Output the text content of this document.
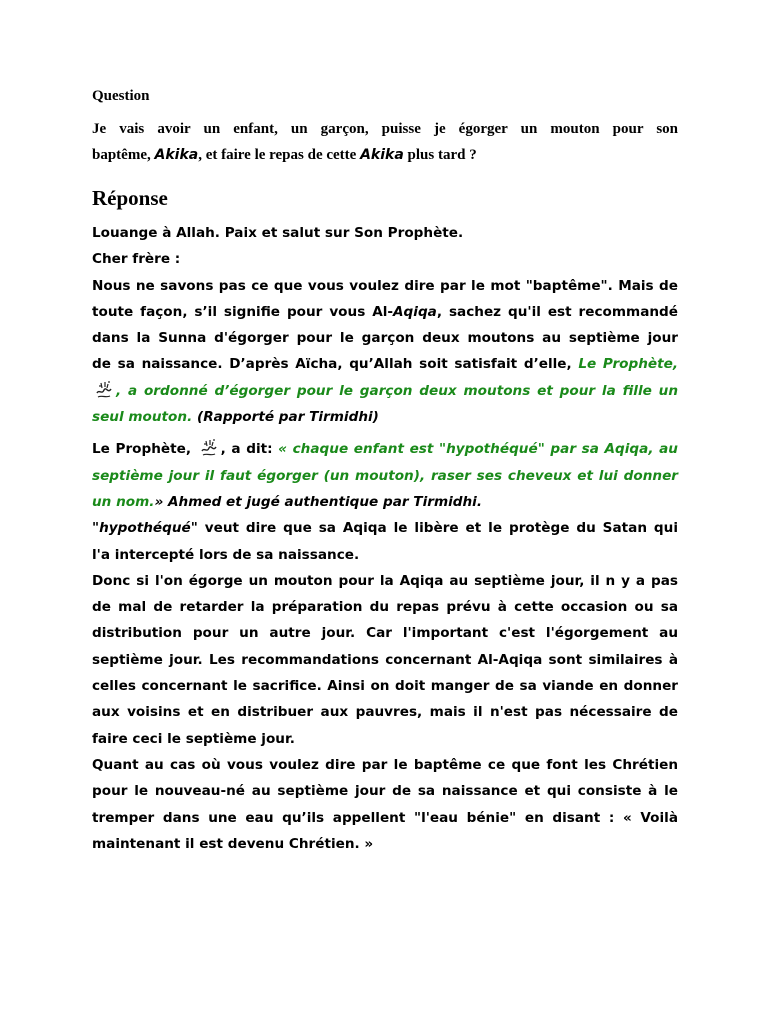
Question

Je vais avoir un enfant, un garçon, puisse je égorger un mouton pour son
baptême, Akika, et faire le repas de cette Akika plus tard ?

Réponse
Louange à Allah. Paix et salut sur Son Prophète.
Cher frère :
Nous ne savons pas ce que vous voulez dire par le mot "baptême". Mais de
toute façon, s’il signifie pour vous Al-Aqiqa, sachez qu'il est recommandé
dans la Sunna d'égorger pour le garçon deux moutons au septième jour
de sa naissance. D’après Aïcha, qu’Allah soit satisfait d’elle, Le Prophète,
, a ordonné d’égorger pour le garçon deux moutons et pour la fille un
seul mouton. (Rapporté par Tirmidhi)
Le Prophète, , a dit: « chaque enfant est "hypothéqué" par sa Aqiqa, au
septième jour il faut égorger (un mouton), raser ses cheveux et lui donner
un nom.» Ahmed et jugé authentique par Tirmidhi.
"hypothéqué" veut dire que sa Aqiqa le libère et le protège du Satan qui
l'a intercepté lors de sa naissance.
Donc si l'on égorge un mouton pour la Aqiqa au septième jour, il n y a pas
de mal de retarder la préparation du repas prévu à cette occasion ou sa
distribution pour un autre jour. Car l'important c'est l'égorgement au
septième jour. Les recommandations concernant Al-Aqiqa sont similaires à
celles concernant le sacrifice. Ainsi on doit manger de sa viande en donner
aux voisins et en distribuer aux pauvres, mais il n'est pas nécessaire de
faire ceci le septième jour.
Quant au cas où vous voulez dire par le baptême ce que font les Chrétien
pour le nouveau-né au septième jour de sa naissance et qui consiste à le
tremper dans une eau qu’ils appellent "l'eau bénie" en disant : « Voilà
maintenant il est devenu Chrétien. »
